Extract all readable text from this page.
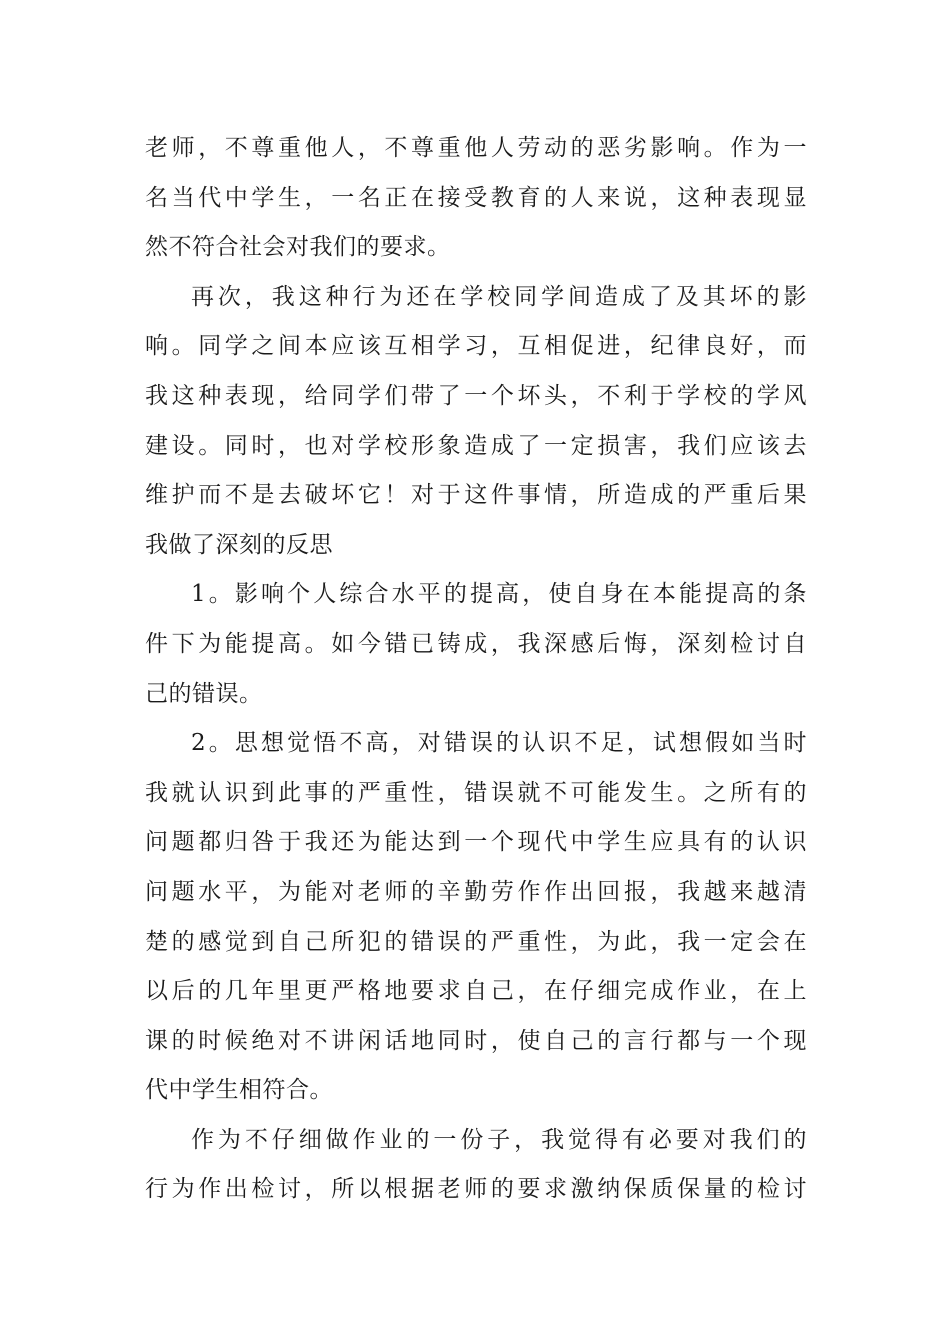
老师，不尊重他人，不尊重他人劳动的恶劣影响。作为一
名当代中学生，一名正在接受教育的人来说，这种表现显
然不符合社会对我们的要求。
再次，我这种行为还在学校同学间造成了及其坏的影
响。同学之间本应该互相学习，互相促进，纪律良好，而
我这种表现，给同学们带了一个坏头，不利于学校的学风
建设。同时，也对学校形象造成了一定损害，我们应该去
维护而不是去破坏它！对于这件事情，所造成的严重后果
我做了深刻的反思
1。影响个人综合水平的提高，使自身在本能提高的条
件下为能提高。如今错已铸成，我深感后悔，深刻检讨自
己的错误。
2。思想觉悟不高，对错误的认识不足，试想假如当时
我就认识到此事的严重性，错误就不可能发生。之所有的
问题都归咎于我还为能达到一个现代中学生应具有的认识
问题水平，为能对老师的辛勤劳作作出回报，我越来越清
楚的感觉到自己所犯的错误的严重性，为此，我一定会在
以后的几年里更严格地要求自己，在仔细完成作业，在上
课的时候绝对不讲闲话地同时，使自己的言行都与一个现
代中学生相符合。
作为不仔细做作业的一份子，我觉得有必要对我们的
行为作出检讨，所以根据老师的要求激纳保质保量的检讨
